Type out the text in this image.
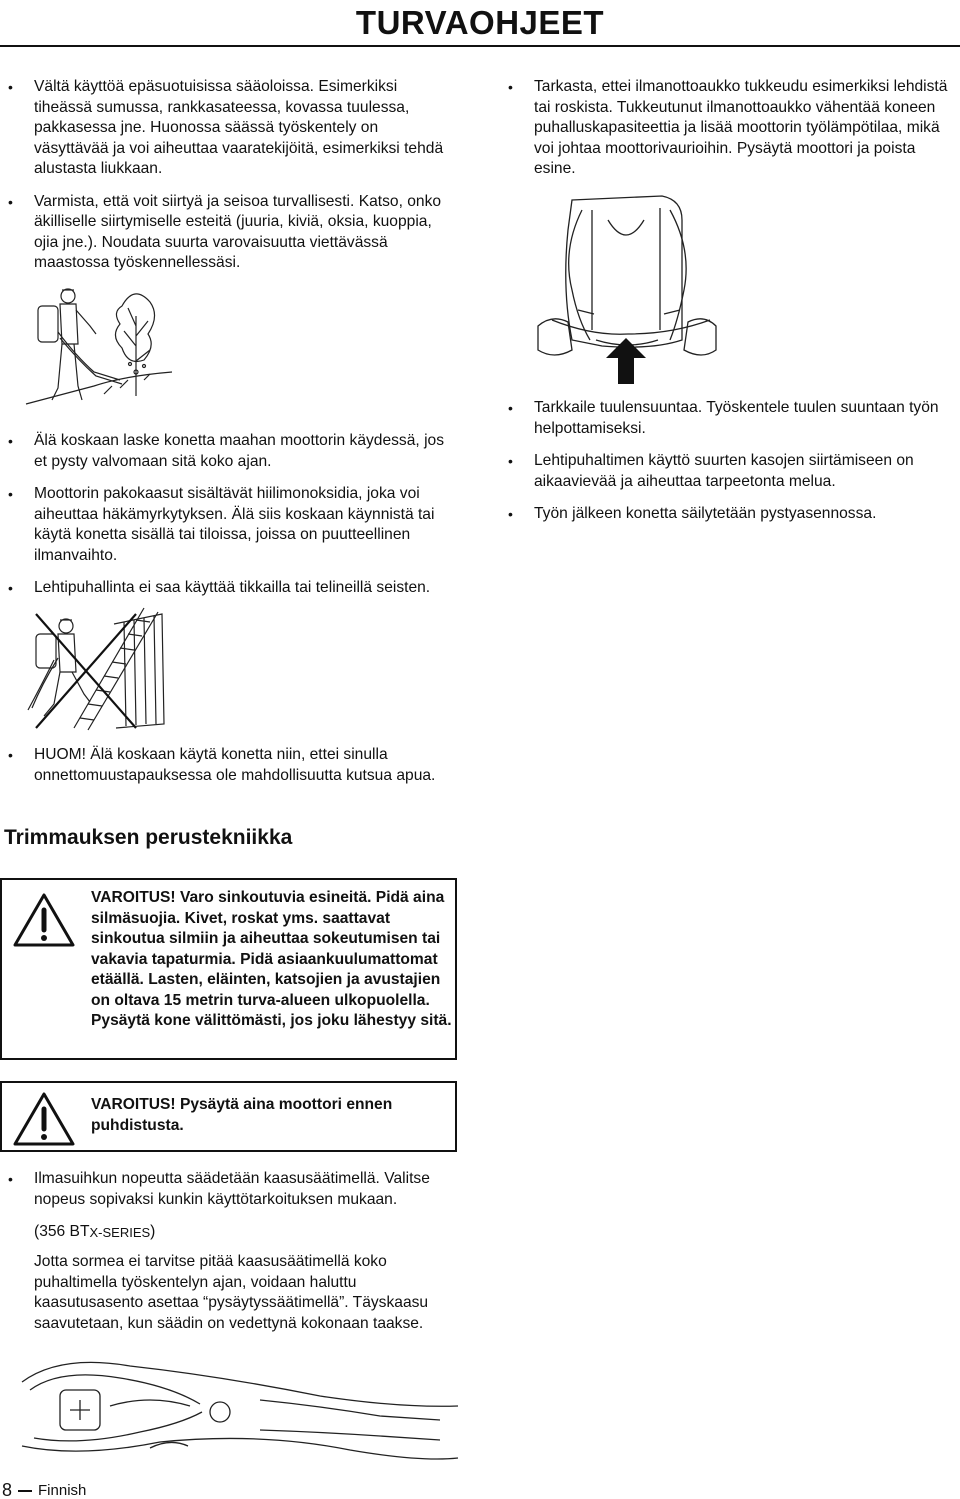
TURVAOHJEET
• Vältä käyttöä epäsuotuisissa sääoloissa. Esimerkiksi tiheässä sumussa, rankkasateessa, kovassa tuulessa, pakkasessa jne. Huonossa säässä työskentely on väsyttävää ja voi aiheuttaa vaaratekijöitä, esimerkiksi tehdä alustasta liukkaan.
• Varmista, että voit siirtyä ja seisoa turvallisesti. Katso, onko äkilliselle siirtymiselle esteitä (juuria, kiviä, oksia, kuoppia, ojia jne.). Noudata suurta varovaisuutta viettävässä maastossa työskennellessäsi.
• Älä koskaan laske konetta maahan moottorin käydessä, jos et pysty valvomaan sitä koko ajan.
• Moottorin pakokaasut sisältävät hiilimonoksidia, joka voi aiheuttaa häkämyrkytyksen. Älä siis koskaan käynnistä tai käytä konetta sisällä tai tiloissa, joissa on puutteellinen ilmanvaihto.
• Lehtipuhallinta ei saa käyttää tikkailla tai telineillä seisten.
• HUOM! Älä koskaan käytä konetta niin, ettei sinulla onnettomuustapauksessa ole mahdollisuutta kutsua apua.
Trimmauksen perustekniikka
VAROITUS! Varo sinkoutuvia esineitä. Pidä aina silmäsuojia. Kivet, roskat yms. saattavat sinkoutua silmiin ja aiheuttaa sokeutumisen tai vakavia tapaturmia. Pidä asiaankuulumattomat etäällä. Lasten, eläinten, katsojien ja avustajien on oltava 15 metrin turva-alueen ulkopuolella. Pysäytä kone välittömästi, jos joku lähestyy sitä.
VAROITUS! Pysäytä aina moottori ennen puhdistusta.
• Ilmasuihkun nopeutta säädetään kaasusäätimellä. Valitse nopeus sopivaksi kunkin käyttötarkoituksen mukaan.
(356 $BT_{X-SERIES}$)
Jotta sormea ei tarvitse pitää kaasusäätimellä koko puhaltimella työskentelyn ajan, voidaan haluttu kaasutusasento asettaa “pysäytyssäätimellä”. Täyskaasu saavutetaan, kun säädin on vedettynä kokonaan taakse.
• Tarkasta, ettei ilmanottoaukko tukkeudu esimerkiksi lehdistä tai roskista. Tukkeutunut ilmanottoaukko vähentää koneen puhalluskapasiteettia ja lisää moottorin työlämpötilaa, mikä voi johtaa moottorivaurioihin. Pysäytä moottori ja poista esine.
• Tarkkaile tuulensuuntaa. Työskentele tuulen suuntaan työn helpottamiseksi.
• Lehtipuhaltimen käyttö suurten kasojen siirtämiseen on aikaavievää ja aiheuttaa tarpeetonta melua.
• Työn jälkeen konetta säilytetään pystyasennossa.
8 Finnish
